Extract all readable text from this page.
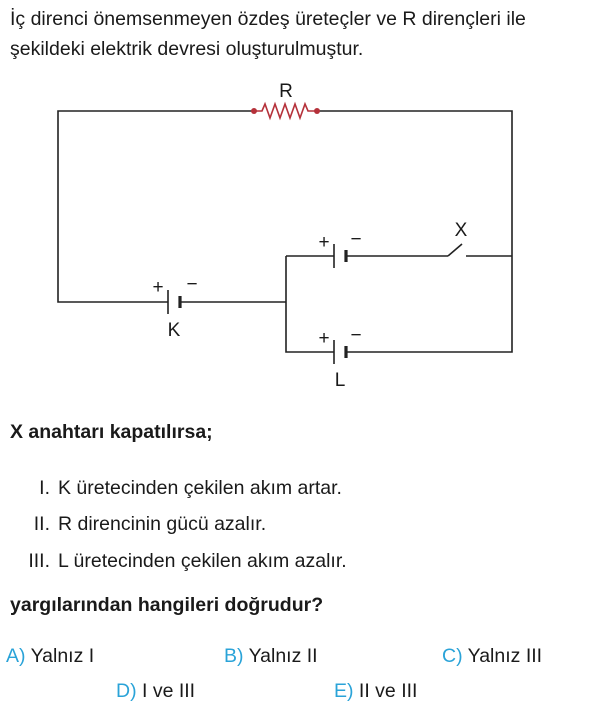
İç direnci önemsenmeyen özdeş üreteçler ve R dirençleri ile şekildeki elektrik devresi oluşturulmuştur.

R
+ −
K
+ −	X
+ −
L

X anahtarı kapatılırsa;

I. K üretecinden çekilen akım artar.
II. R direncinin gücü azalır.
III. L üretecinden çekilen akım azalır.

yargılarından hangileri doğrudur?

A) Yalnız I	B) Yalnız II	C) Yalnız III
D) I ve III	E) II ve III
